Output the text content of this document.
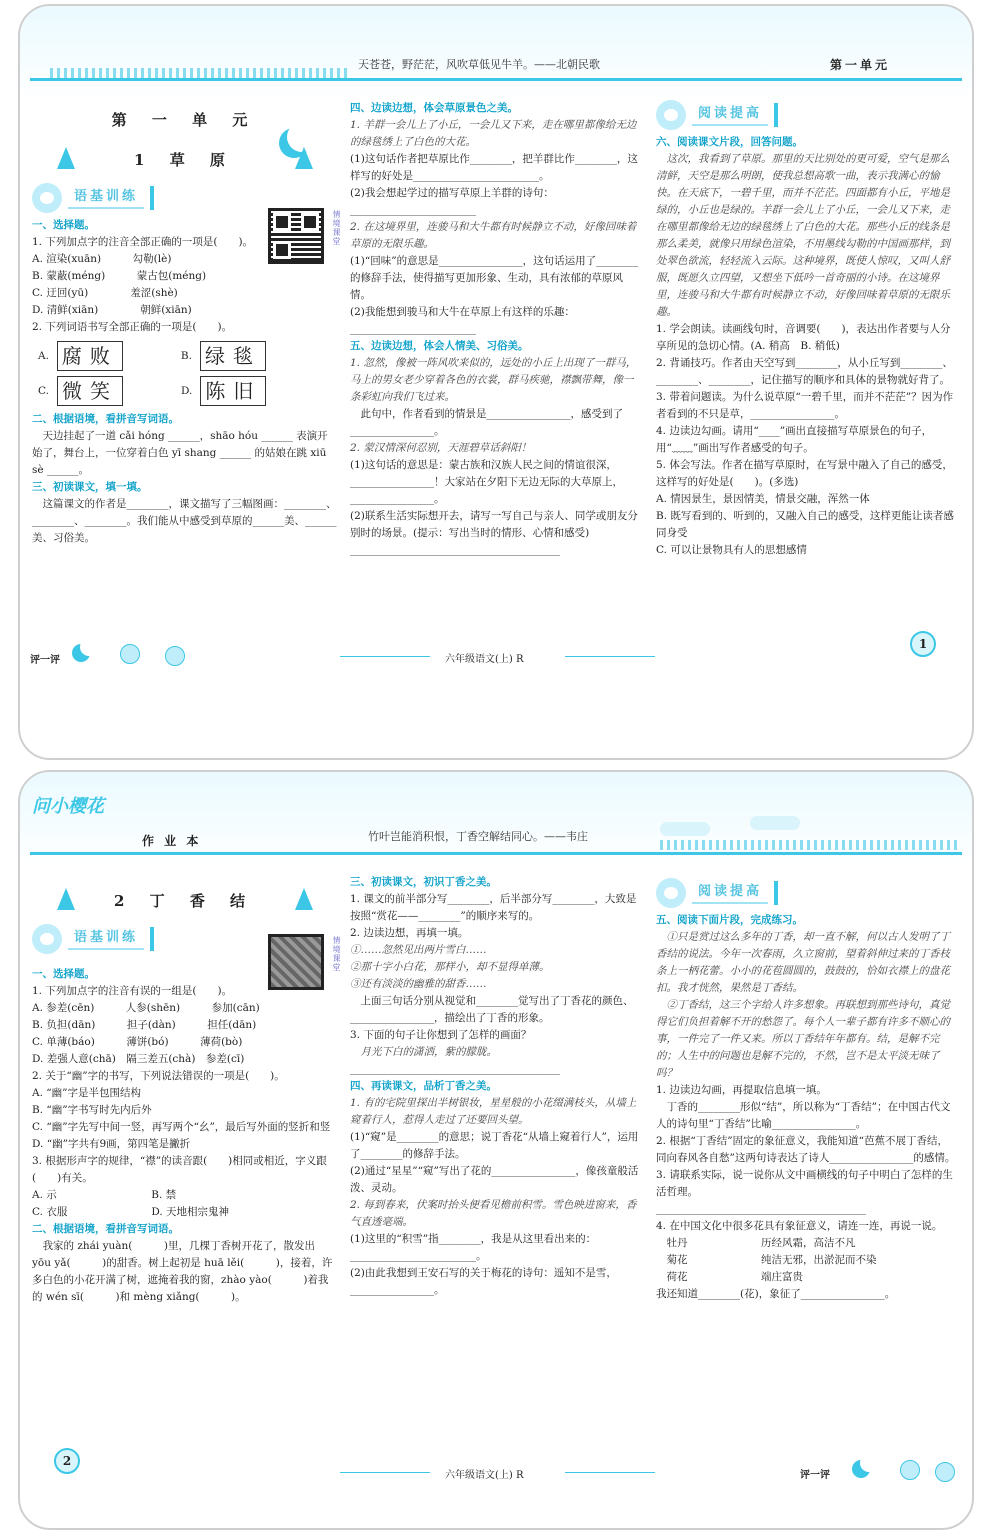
天苍苍，野茫茫，风吹草低见牛羊。——北朝民歌	第一单元
第 一 单 元
1 草 原
语基训练
情境课堂

一、选择题。

1. 下列加点字的注音全部正确的一项是(　　)。

A. 渲染(xuān)　　　勾勒(lè)

B. 蒙蔽(méng)　　　蒙古包(méng)

C. 迂回(yū)　　　　羞涩(shè)

D. 清鲜(xiān)　　　　朝鲜(xiān)

2. 下列词语书写全部正确的一项是(　　)。

A. 腐败	B. 绿毯
C. 微笑	D. 陈旧

二、根据语境，看拼音写词语。

　天边挂起了一道 cǎi hóng ______，shāo hóu ______ 表演开始了，舞台上，一位穿着白色 yī shang ______ 的姑娘在跳 xiū sè ______。

三、初读课文，填一填。

　这篇课文的作者是________，课文描写了三幅图画：________、________、________。我们能从中感受到草原的______美、______美、习俗美。

四、边读边想，体会草原景色之美。

1. 羊群一会儿上了小丘，一会儿又下来，走在哪里都像给无边的绿毯绣上了白色的大花。

(1)这句话作者把草原比作________，把羊群比作________，这样写的好处是________________________。

(2)我会想起学过的描写草原上羊群的诗句：________________________

2. 在这境界里，连骏马和大牛都有时候静立不动，好像回味着草原的无限乐趣。

(1)“回味”的意思是________________，这句话运用了________的修辞手法，使得描写更加形象、生动，具有浓郁的草原风情。

(2)我能想到骏马和大牛在草原上有这样的乐趣：________________________

五、边读边想，体会人情美、习俗美。

1. 忽然，像被一阵风吹来似的，远处的小丘上出现了一群马，马上的男女老少穿着各色的衣裳，群马疾驰，襟飘带舞，像一条彩虹向我们飞过来。

　此句中，作者看到的情景是________________，感受到了________________。

2. 蒙汉情深何忍别，天涯碧草话斜阳！

(1)这句话的意思是：蒙古族和汉族人民之间的情谊很深，________________！大家站在夕阳下无边无际的大草原上，________________。

(2)联系生活实际想开去，请写一写自己与亲人、同学或朋友分别时的场景。(提示：写出当时的情形、心情和感受)

________________________________________

阅读提高

六、阅读课文片段，回答问题。

　这次，我看到了草原。那里的天比别处的更可爱，空气是那么清鲜，天空是那么明朗，使我总想高歌一曲，表示我满心的愉快。在天底下，一碧千里，而并不茫茫。四面都有小丘，平地是绿的，小丘也是绿的。羊群一会儿上了小丘，一会儿又下来，走在哪里都像给无边的绿毯绣上了白色的大花。那些小丘的线条是那么柔美，就像只用绿色渲染，不用墨线勾勒的中国画那样，到处翠色欲流，轻轻流入云际。这种境界，既使人惊叹，又叫人舒服，既愿久立四望，又想坐下低吟一首奇丽的小诗。在这境界里，连骏马和大牛都有时候静立不动，好像回味着草原的无限乐趣。

1. 学会朗读。读画线句时，音调要(　　)，表达出作者要与人分享所见的急切心情。(A. 稍高　B. 稍低)

2. 背诵技巧。作者由天空写到________，从小丘写到________、________、________，记住描写的顺序和具体的景物就好背了。

3. 带着问题读。为什么说草原“一碧千里，而并不茫茫”？因为作者看到的不只是草，________________。

4. 边读边勾画。请用“____”画出直接描写草原景色的句子，用“﹏﹏”画出写作者感受的句子。

5. 体会写法。作者在描写草原时，在写景中融入了自己的感受，这样写的好处是(　　)。(多选)

A. 情因景生，景因情美，情景交融，浑然一体

B. 既写看到的、听到的，又融入自己的感受，这样更能让读者感同身受

C. 可以让景物具有人的思想感情

评一评	六年级语文(上) R
1
问小樱花
作 业 本	竹叶岂能消积恨，丁香空解结同心。——韦庄
2 丁 香 结
语基训练	情境课堂

一、选择题。

1. 下列加点字的注音有误的一组是(　　)。

A. 参差(cēn)　　　人参(shēn)　　　参加(cān)

B. 负担(dān)　　　担子(dàn)　　　担任(dān)

C. 单薄(báo)　　　薄饼(bó)　　　薄荷(bò)

D. 差强人意(chā)　隔三差五(chà)　参差(cī)

2. 关于“幽”字的书写，下列说法错误的一项是(　　)。

A. “幽”字是半包围结构

B. “幽”字书写时先内后外

C. “幽”字先写中间一竖，再写两个“幺”，最后写外面的竖折和竖

D. “幽”字共有9画，第四笔是撇折

3. 根据形声字的规律，“襟”的读音跟(　　)相同或相近，字义跟(　　)有关。

A. 示　　　　　　　　　B. 禁

C. 衣服　　　　　　　　D. 天地相宗鬼神

二、根据语境，看拼音写词语。

　我家的 zhái yuàn(　　　)里，几棵丁香树开花了，散发出 yōu yǎ(　　　)的甜香。树上起初是 huā lěi(　　　)，接着，许多白色的小花开满了树，遮掩着我的窗，zhào yào(　　　)着我的 wén sī(　　　)和 mèng xiǎng(　　　)。

三、初读课文，初识丁香之美。

1. 课文的前半部分写________，后半部分写________，大致是按照“赏花——________”的顺序来写的。

2. 边读边想，再填一填。

①……忽然见出两片雪白……

②那十字小白花，那样小，却不显得单薄。

③还有淡淡的幽雅的甜香……

　上面三句话分别从视觉和________觉写出了丁香花的颜色、________________，描绘出了丁香的形象。

3. 下面的句子让你想到了怎样的画面？

　月光下白的潇洒，紫的朦胧。

________________________________________

四、再读课文，品析丁香之美。

1. 有的宅院里探出半树银妆，星星般的小花缀满枝头，从墙上窥着行人，惹得人走过了还要回头望。

(1)“窥”是________的意思；说丁香花“从墙上窥着行人”，运用了________的修辞手法。

(2)通过“星星”“窥”写出了花的________________，像孩童般活泼、灵动。

2. 每到春来，伏案时抬头便看见檐前积雪。雪色映进窗来，香气直透毫端。

(1)这里的“积雪”指________，我是从这里看出来的：________________________。

(2)由此我想到王安石写的关于梅花的诗句：遥知不是雪，________________。

阅读提高

五、阅读下面片段，完成练习。

　①只是赏过这么多年的丁香，却一直不解，何以古人发明了丁香结的说法。今年一次春雨，久立窗前，望着斜伸过来的丁香枝条上一柄花蕾。小小的花苞圆圆的，鼓鼓的，恰如衣襟上的盘花扣。我才恍然，果然是丁香结。

　②丁香结，这三个字给人许多想象。再联想到那些诗句，真觉得它们负担着解不开的愁怨了。每个人一辈子都有许多不顺心的事，一件完了一件又来。所以丁香结年年都有。结，是解不完的；人生中的问题也是解不完的，不然，岂不是太平淡无味了吗？

1. 边读边勾画，再提取信息填一填。

　丁香的________形似“结”，所以称为“丁香结”；在中国古代文人的诗句里“丁香结”比喻________________。

2. 根据“丁香结”固定的象征意义，我能知道“芭蕉不展丁香结，同向春风各自愁”这两句诗表达了诗人________________的感情。

3. 请联系实际，说一说你从文中画横线的句子中明白了怎样的生活哲理。

________________________________________

4. 在中国文化中很多花具有象征意义，请连一连，再说一说。

　牡丹　　　　　　　历经风霜，高洁不凡

　菊花　　　　　　　纯洁无邪，出淤泥而不染

　荷花　　　　　　　端庄富贵

我还知道________(花)，象征了________________。

2
六年级语文(上) R	评一评
